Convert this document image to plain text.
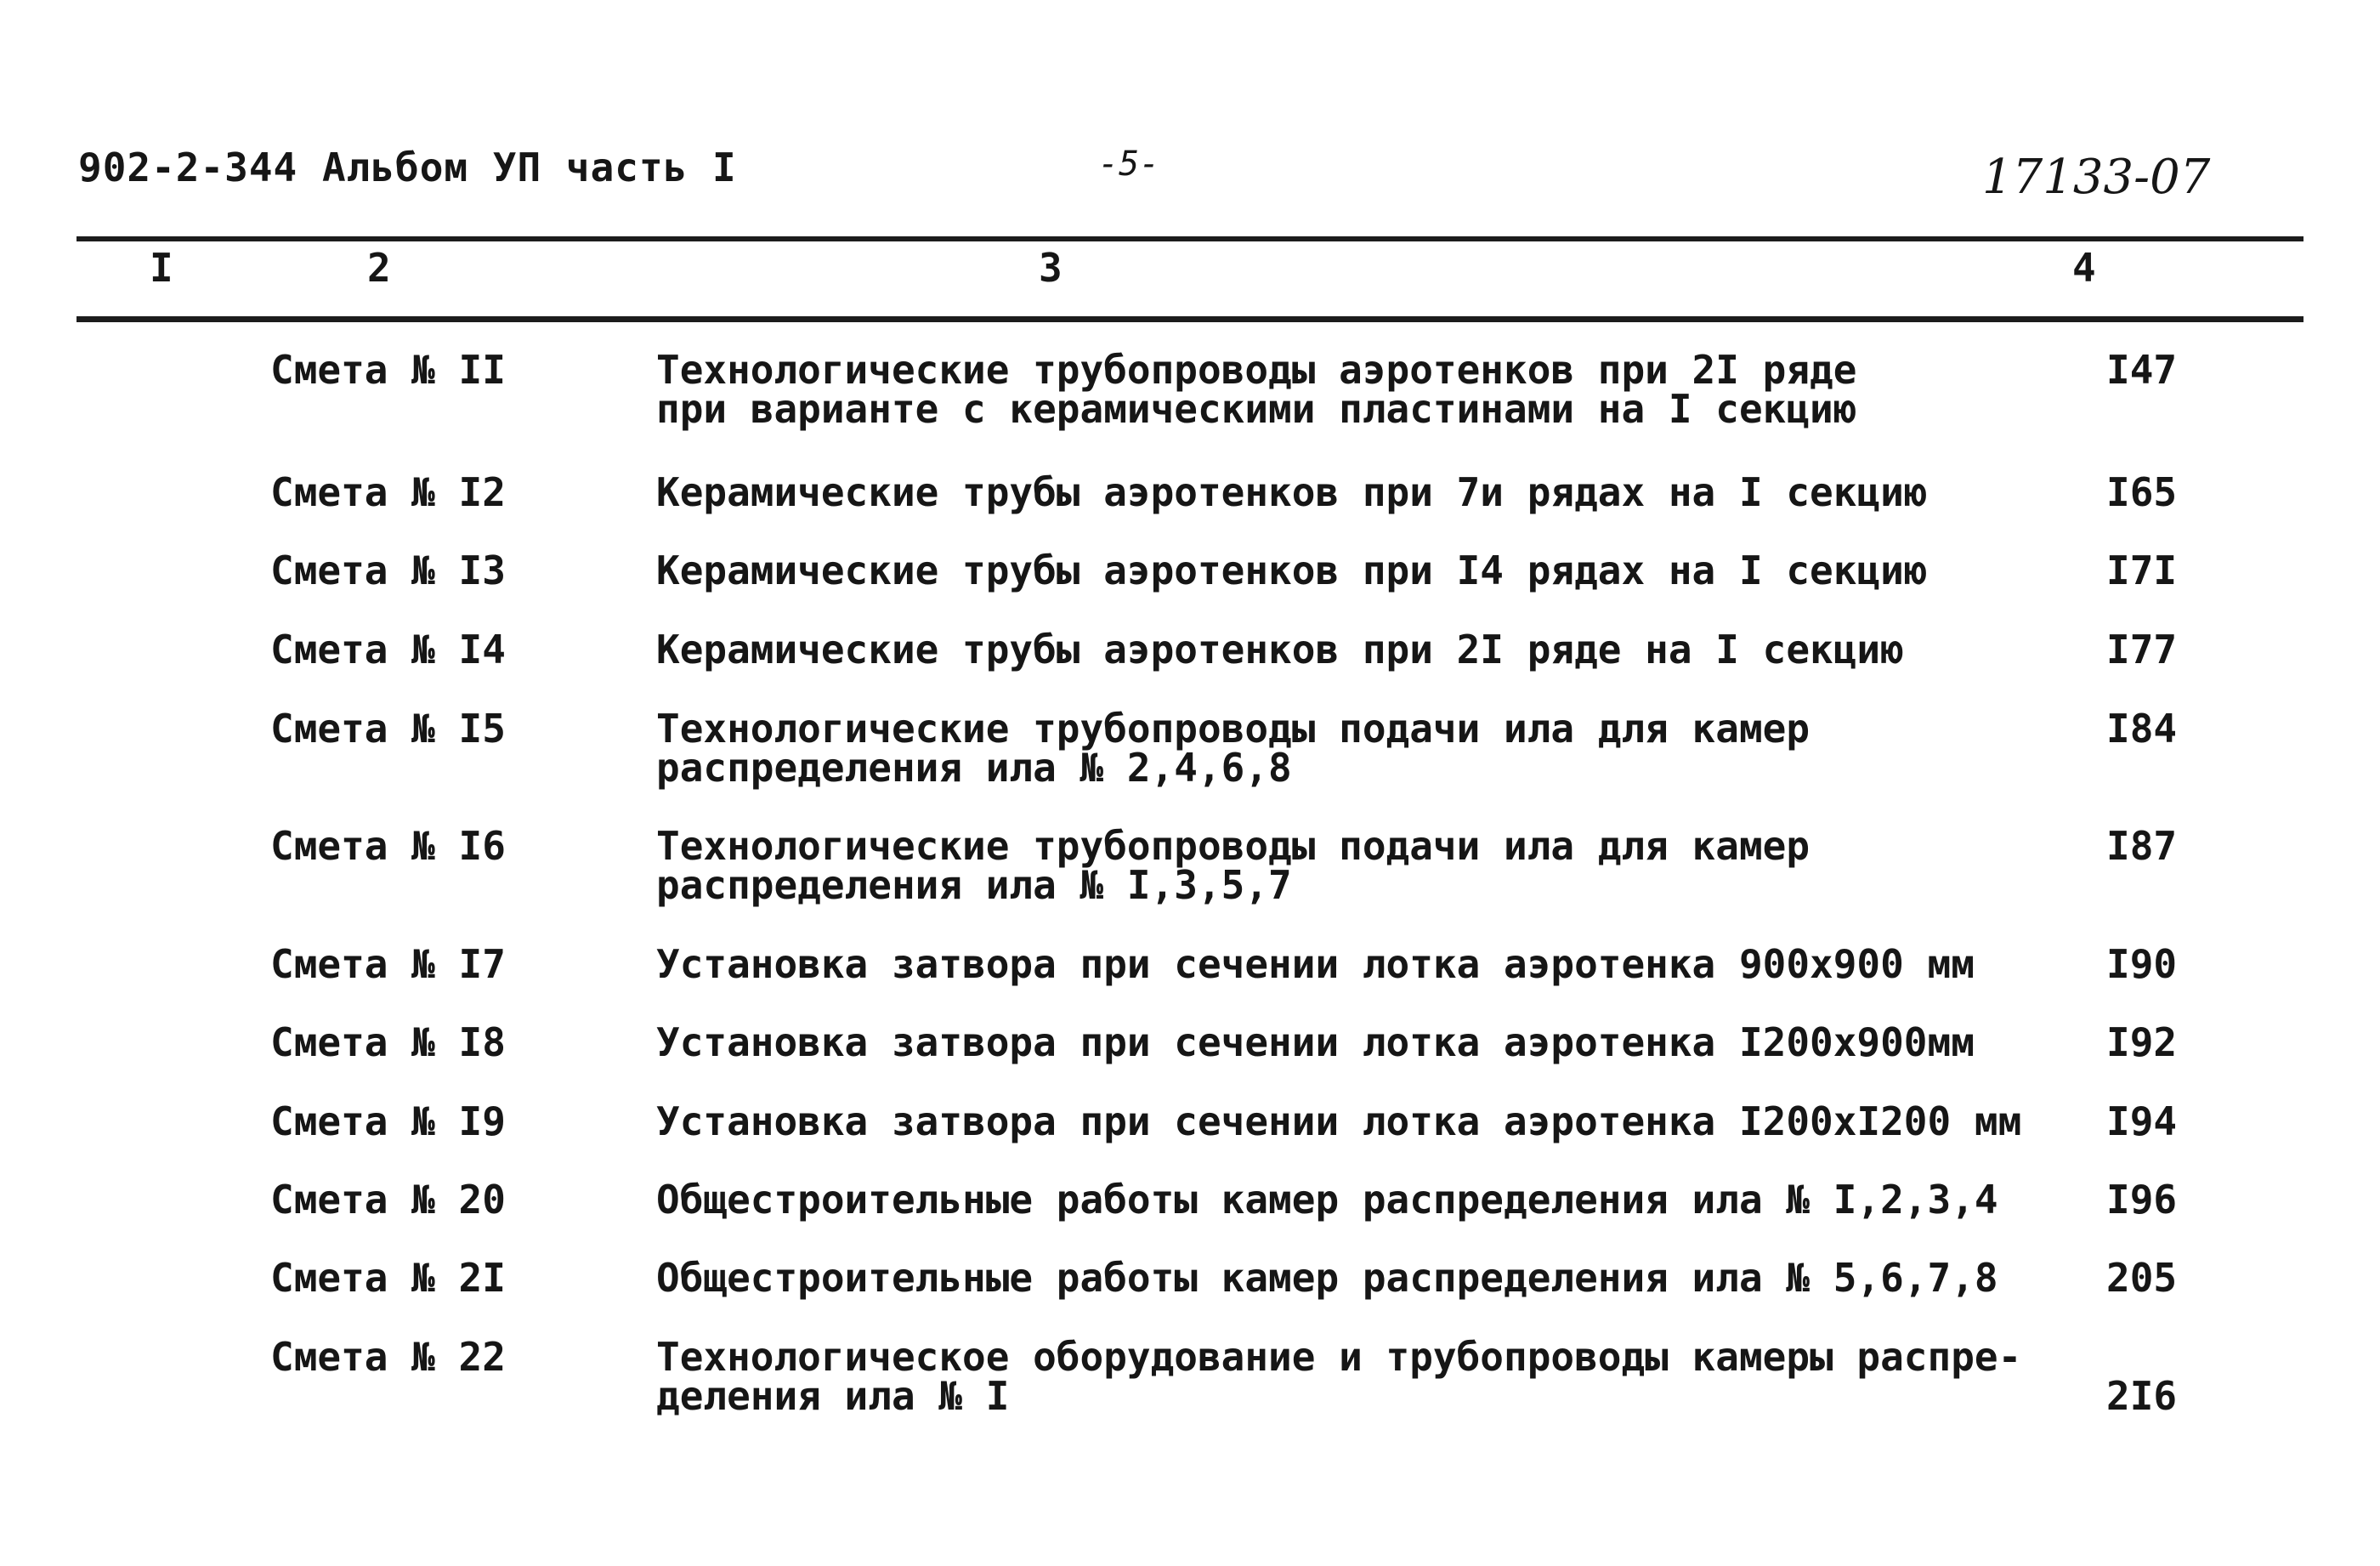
902-2-344 Альбом УП часть I	-5-	17133-07
I	2	3	4
Смета № II	Технологические трубопроводы аэротенков при 2I ряде
при варианте с керамическими пластинами на I секцию
I47
Смета № I2	Керамические трубы аэротенков при 7и рядах на I секцию	I65
Смета № I3	Керамические трубы аэротенков при I4 рядах на I секцию	I7I
Смета № I4	Керамические трубы аэротенков при 2I ряде на I секцию	I77
Смета № I5	Технологические трубопроводы подачи ила для камер
распределения ила № 2,4,6,8
I84
Смета № I6	Технологические трубопроводы подачи ила для камер
распределения ила № I,3,5,7
I87
Смета № I7	Установка затвора при сечении лотка аэротенка 900х900 мм	I90
Смета № I8	Установка затвора при сечении лотка аэротенка I200х900мм	I92
Смета № I9	Установка затвора при сечении лотка аэротенка I200хI200 мм I94
Смета № 20	Общестроительные работы камер распределения ила № I,2,3,4	I96
Смета № 2I	Общестроительные работы камер распределения ила № 5,6,7,8	205
Смета № 22	Технологическое оборудование и трубопроводы камеры распре-
деления ила № I	2I6
